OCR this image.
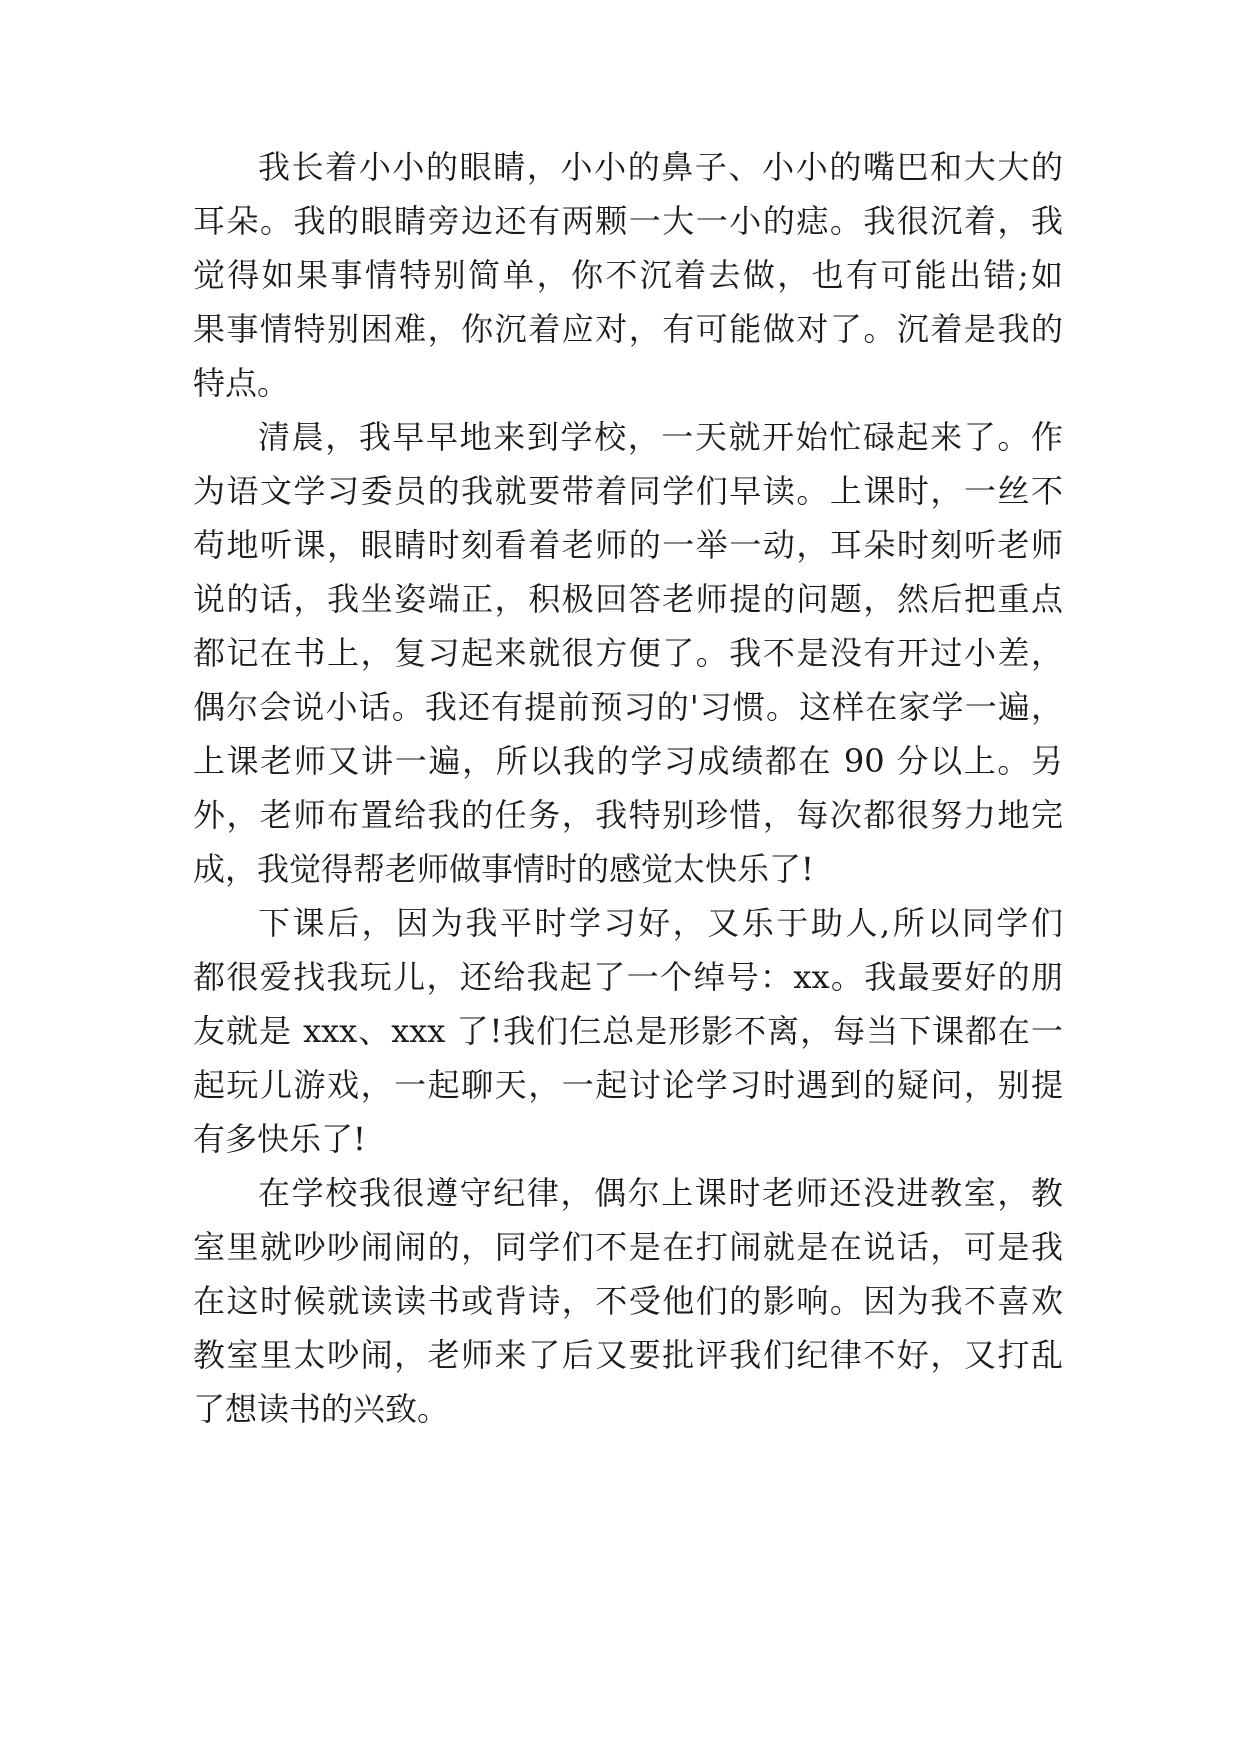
我长着小小的眼睛，小小的鼻子、小小的嘴巴和大大的

耳朵。我的眼睛旁边还有两颗一大一小的痣。我很沉着，我

觉得如果事情特别简单，你不沉着去做，也有可能出错;如

果事情特别困难，你沉着应对，有可能做对了。沉着是我的

特点。

清晨，我早早地来到学校，一天就开始忙碌起来了。作

为语文学习委员的我就要带着同学们早读。上课时，一丝不

苟地听课，眼睛时刻看着老师的一举一动，耳朵时刻听老师

说的话，我坐姿端正，积极回答老师提的问题，然后把重点

都记在书上，复习起来就很方便了。我不是没有开过小差，

偶尔会说小话。我还有提前预习的'习惯。这样在家学一遍，

上课老师又讲一遍，所以我的学习成绩都在 90 分以上。另

外，老师布置给我的任务，我特别珍惜，每次都很努力地完

成，我觉得帮老师做事情时的感觉太快乐了!

下课后，因为我平时学习好，又乐于助人,所以同学们

都很爱找我玩儿，还给我起了一个绰号：xx。我最要好的朋

友就是 xxx、xxx 了!我们仨总是形影不离，每当下课都在一

起玩儿游戏，一起聊天，一起讨论学习时遇到的疑问，别提

有多快乐了!

在学校我很遵守纪律，偶尔上课时老师还没进教室，教

室里就吵吵闹闹的，同学们不是在打闹就是在说话，可是我

在这时候就读读书或背诗，不受他们的影响。因为我不喜欢

教室里太吵闹，老师来了后又要批评我们纪律不好，又打乱

了想读书的兴致。
